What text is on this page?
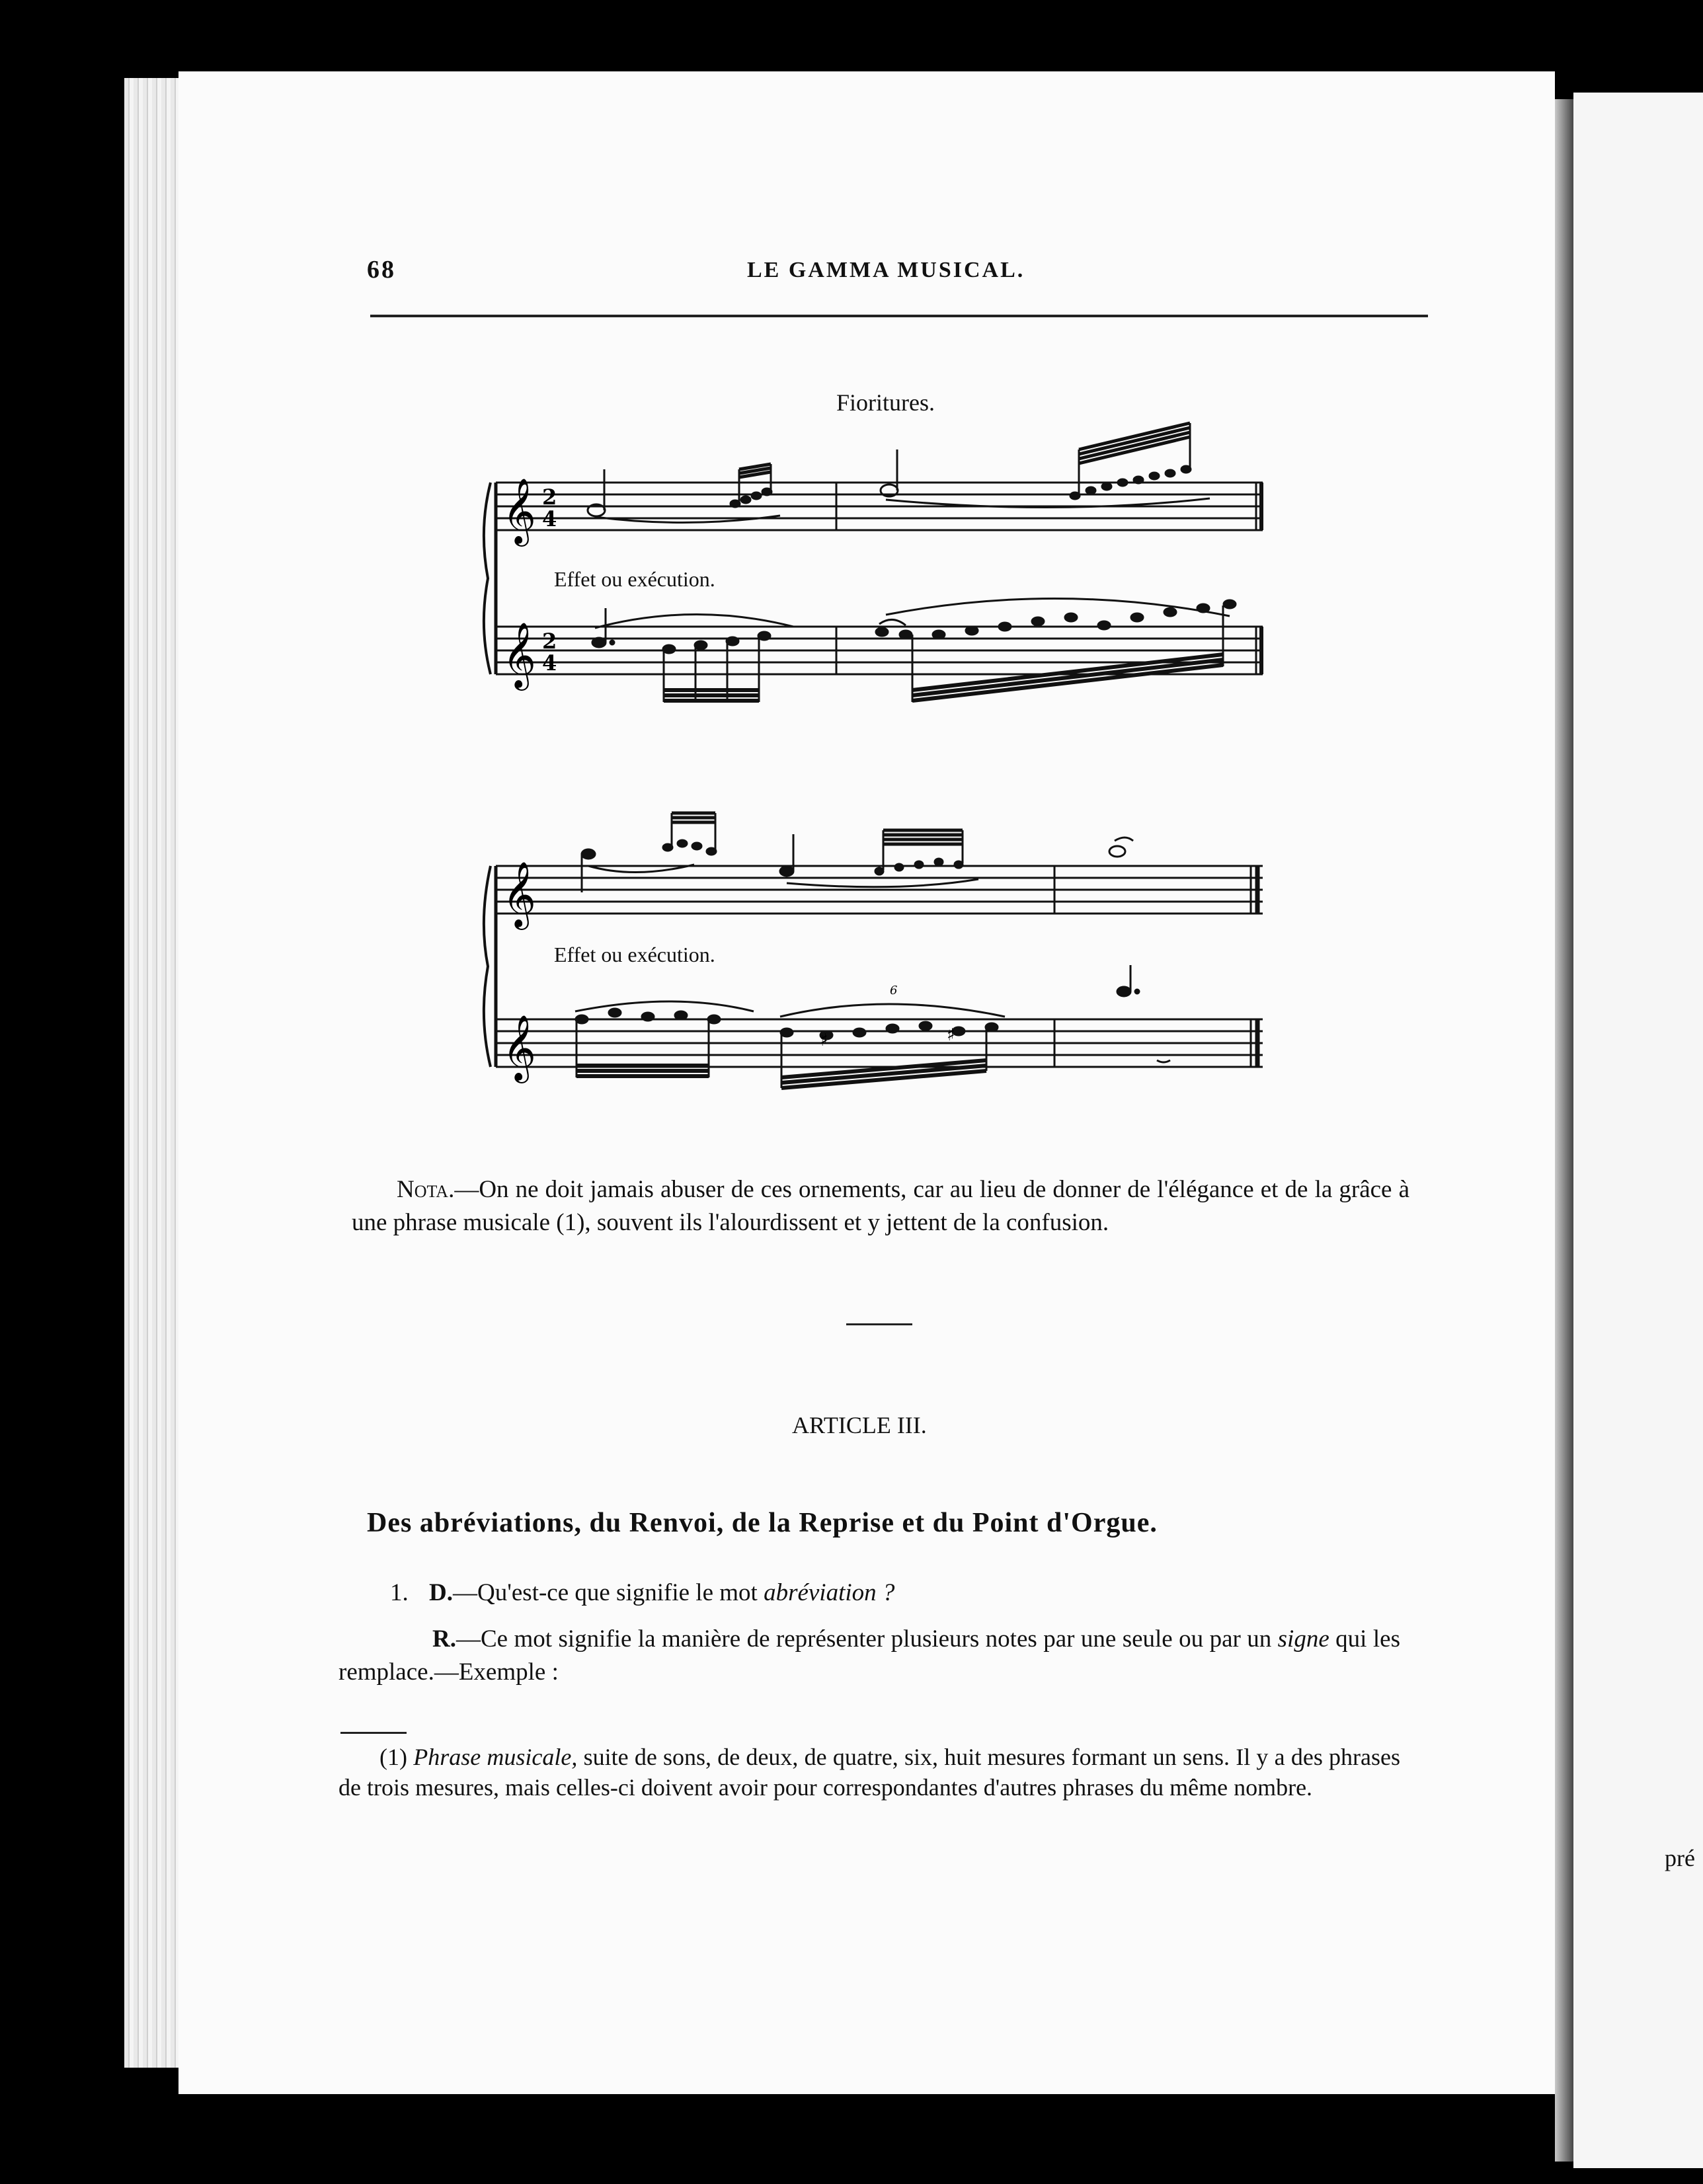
pré
68	LE GAMMA MUSICAL.
Fioritures.
𝄞
𝄞
2
4
2
4
Effet ou exécution.
𝄞
𝄞	♯	♯
6
Effet ou exécution.
Nota.—On ne doit jamais abuser de ces ornements, car au lieu de donner de l'élégance et de la grâce à une phrase musicale (1), souvent ils l'alourdissent et y jettent de la confusion.
ARTICLE III.
Des abréviations, du Renvoi, de la Reprise et du Point d'Orgue.
1. D.—Qu'est-ce que signifie le mot abréviation ?
R.—Ce mot signifie la manière de représenter plusieurs notes par une seule ou par un signe qui les remplace.—Exemple :
(1) Phrase musicale, suite de sons, de deux, de quatre, six, huit mesures formant un sens. Il y a des phrases de trois mesures, mais celles-ci doivent avoir pour correspondantes d'autres phrases du même nombre.
